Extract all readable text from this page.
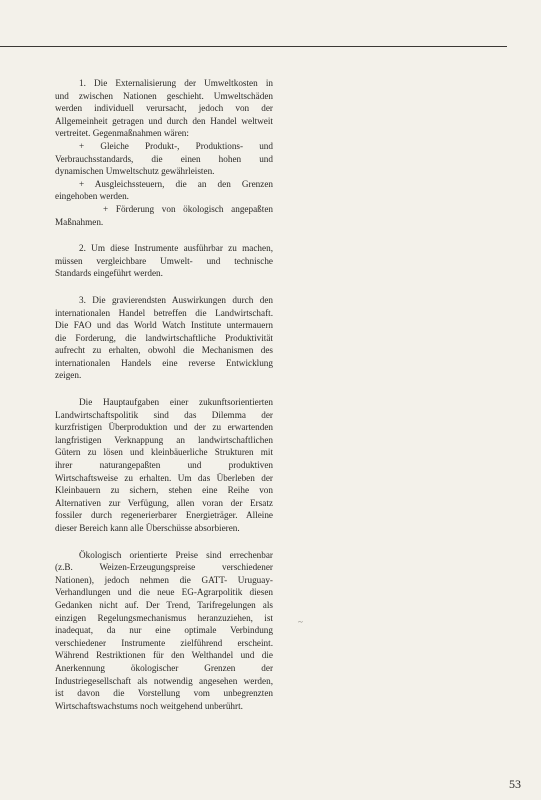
1. Die Externalisierung der Umweltkosten in
und zwischen Nationen geschieht. Umweltschäden
werden individuell verursacht, jedoch von der
Allgemeinheit getragen und durch den Handel weltweit
vertreitet. Gegenmaßnahmen wären:
+ Gleiche Produkt-, Produktions- und
Verbrauchsstandards, die einen hohen und
dynamischen Umweltschutz gewährleisten.
+ Ausgleichssteuern, die an den Grenzen
eingehoben werden.
+ Förderung von ökologisch angepaßten
Maßnahmen.

2. Um diese Instrumente ausführbar zu machen,
müssen vergleichbare Umwelt- und technische
Standards eingeführt werden.

3. Die gravierendsten Auswirkungen durch den
internationalen Handel betreffen die Landwirtschaft.
Die FAO und das World Watch Institute untermauern
die Forderung, die landwirtschaftliche Produktivität
aufrecht zu erhalten, obwohl die Mechanismen des
internationalen Handels eine reverse Entwicklung
zeigen.

Die Hauptaufgaben einer zukunftsorientierten
Landwirtschaftspolitik sind das Dilemma der
kurzfristigen Überproduktion und der zu erwartenden
langfristigen Verknappung an landwirtschaftlichen
Gütern zu lösen und kleinbäuerliche Strukturen mit
ihrer naturangepaßten und produktiven
Wirtschaftsweise zu erhalten. Um das Überleben der
Kleinbauern zu sichern, stehen eine Reihe von
Alternativen zur Verfügung, allen voran der Ersatz
fossiler durch regenerierbarer Energieträger. Alleine
dieser Bereich kann alle Überschüsse absorbieren.

Ökologisch orientierte Preise sind errechenbar
(z.B. Weizen-Erzeugungspreise verschiedener
Nationen), jedoch nehmen die GATT- Uruguay-
Verhandlungen und die neue EG-Agrarpolitik diesen
Gedanken nicht auf. Der Trend, Tarifregelungen als
einzigen Regelungsmechanismus heranzuziehen, ist
inadequat, da nur eine optimale Verbindung
verschiedener Instrumente zielführend erscheint.
Während Restriktionen für den Welthandel und die
Anerkennung ökologischer Grenzen der
Industriegesellschaft als notwendig angesehen werden,
ist davon die Vorstellung vom unbegrenzten
Wirtschaftswachstums noch weitgehend unberührt.

~
53
